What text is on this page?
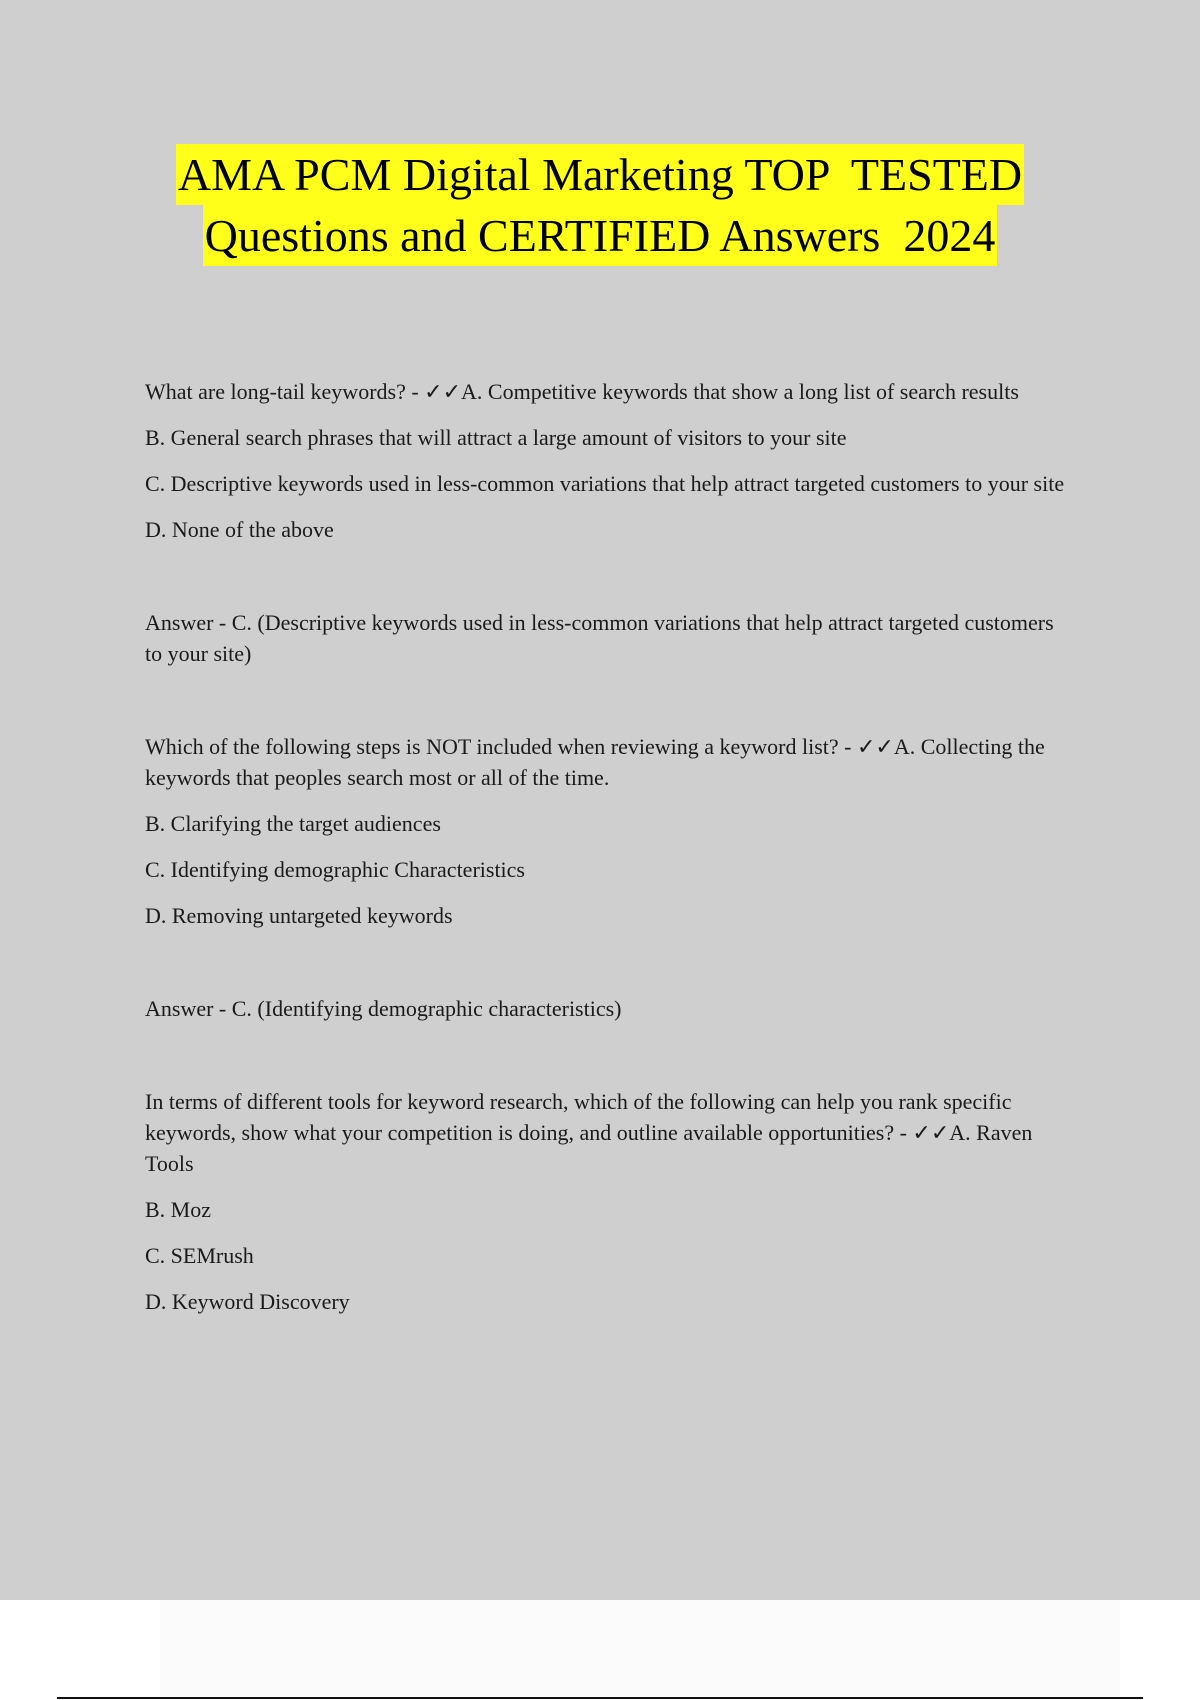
AMA PCM Digital Marketing TOP  TESTED
Questions and CERTIFIED Answers  2024

What are long-tail keywords? - ✓✓A. Competitive keywords that show a long list of search results

B. General search phrases that will attract a large amount of visitors to your site

C. Descriptive keywords used in less-common variations that help attract targeted customers to your site

D. None of the above

Answer - C. (Descriptive keywords used in less-common variations that help attract targeted customers to your site)

Which of the following steps is NOT included when reviewing a keyword list? - ✓✓A. Collecting the keywords that peoples search most or all of the time.

B. Clarifying the target audiences

C. Identifying demographic Characteristics

D. Removing untargeted keywords

Answer - C. (Identifying demographic characteristics)

In terms of different tools for keyword research, which of the following can help you rank specific keywords, show what your competition is doing, and outline available opportunities? - ✓✓A. Raven Tools

B. Moz

C. SEMrush

D. Keyword Discovery
